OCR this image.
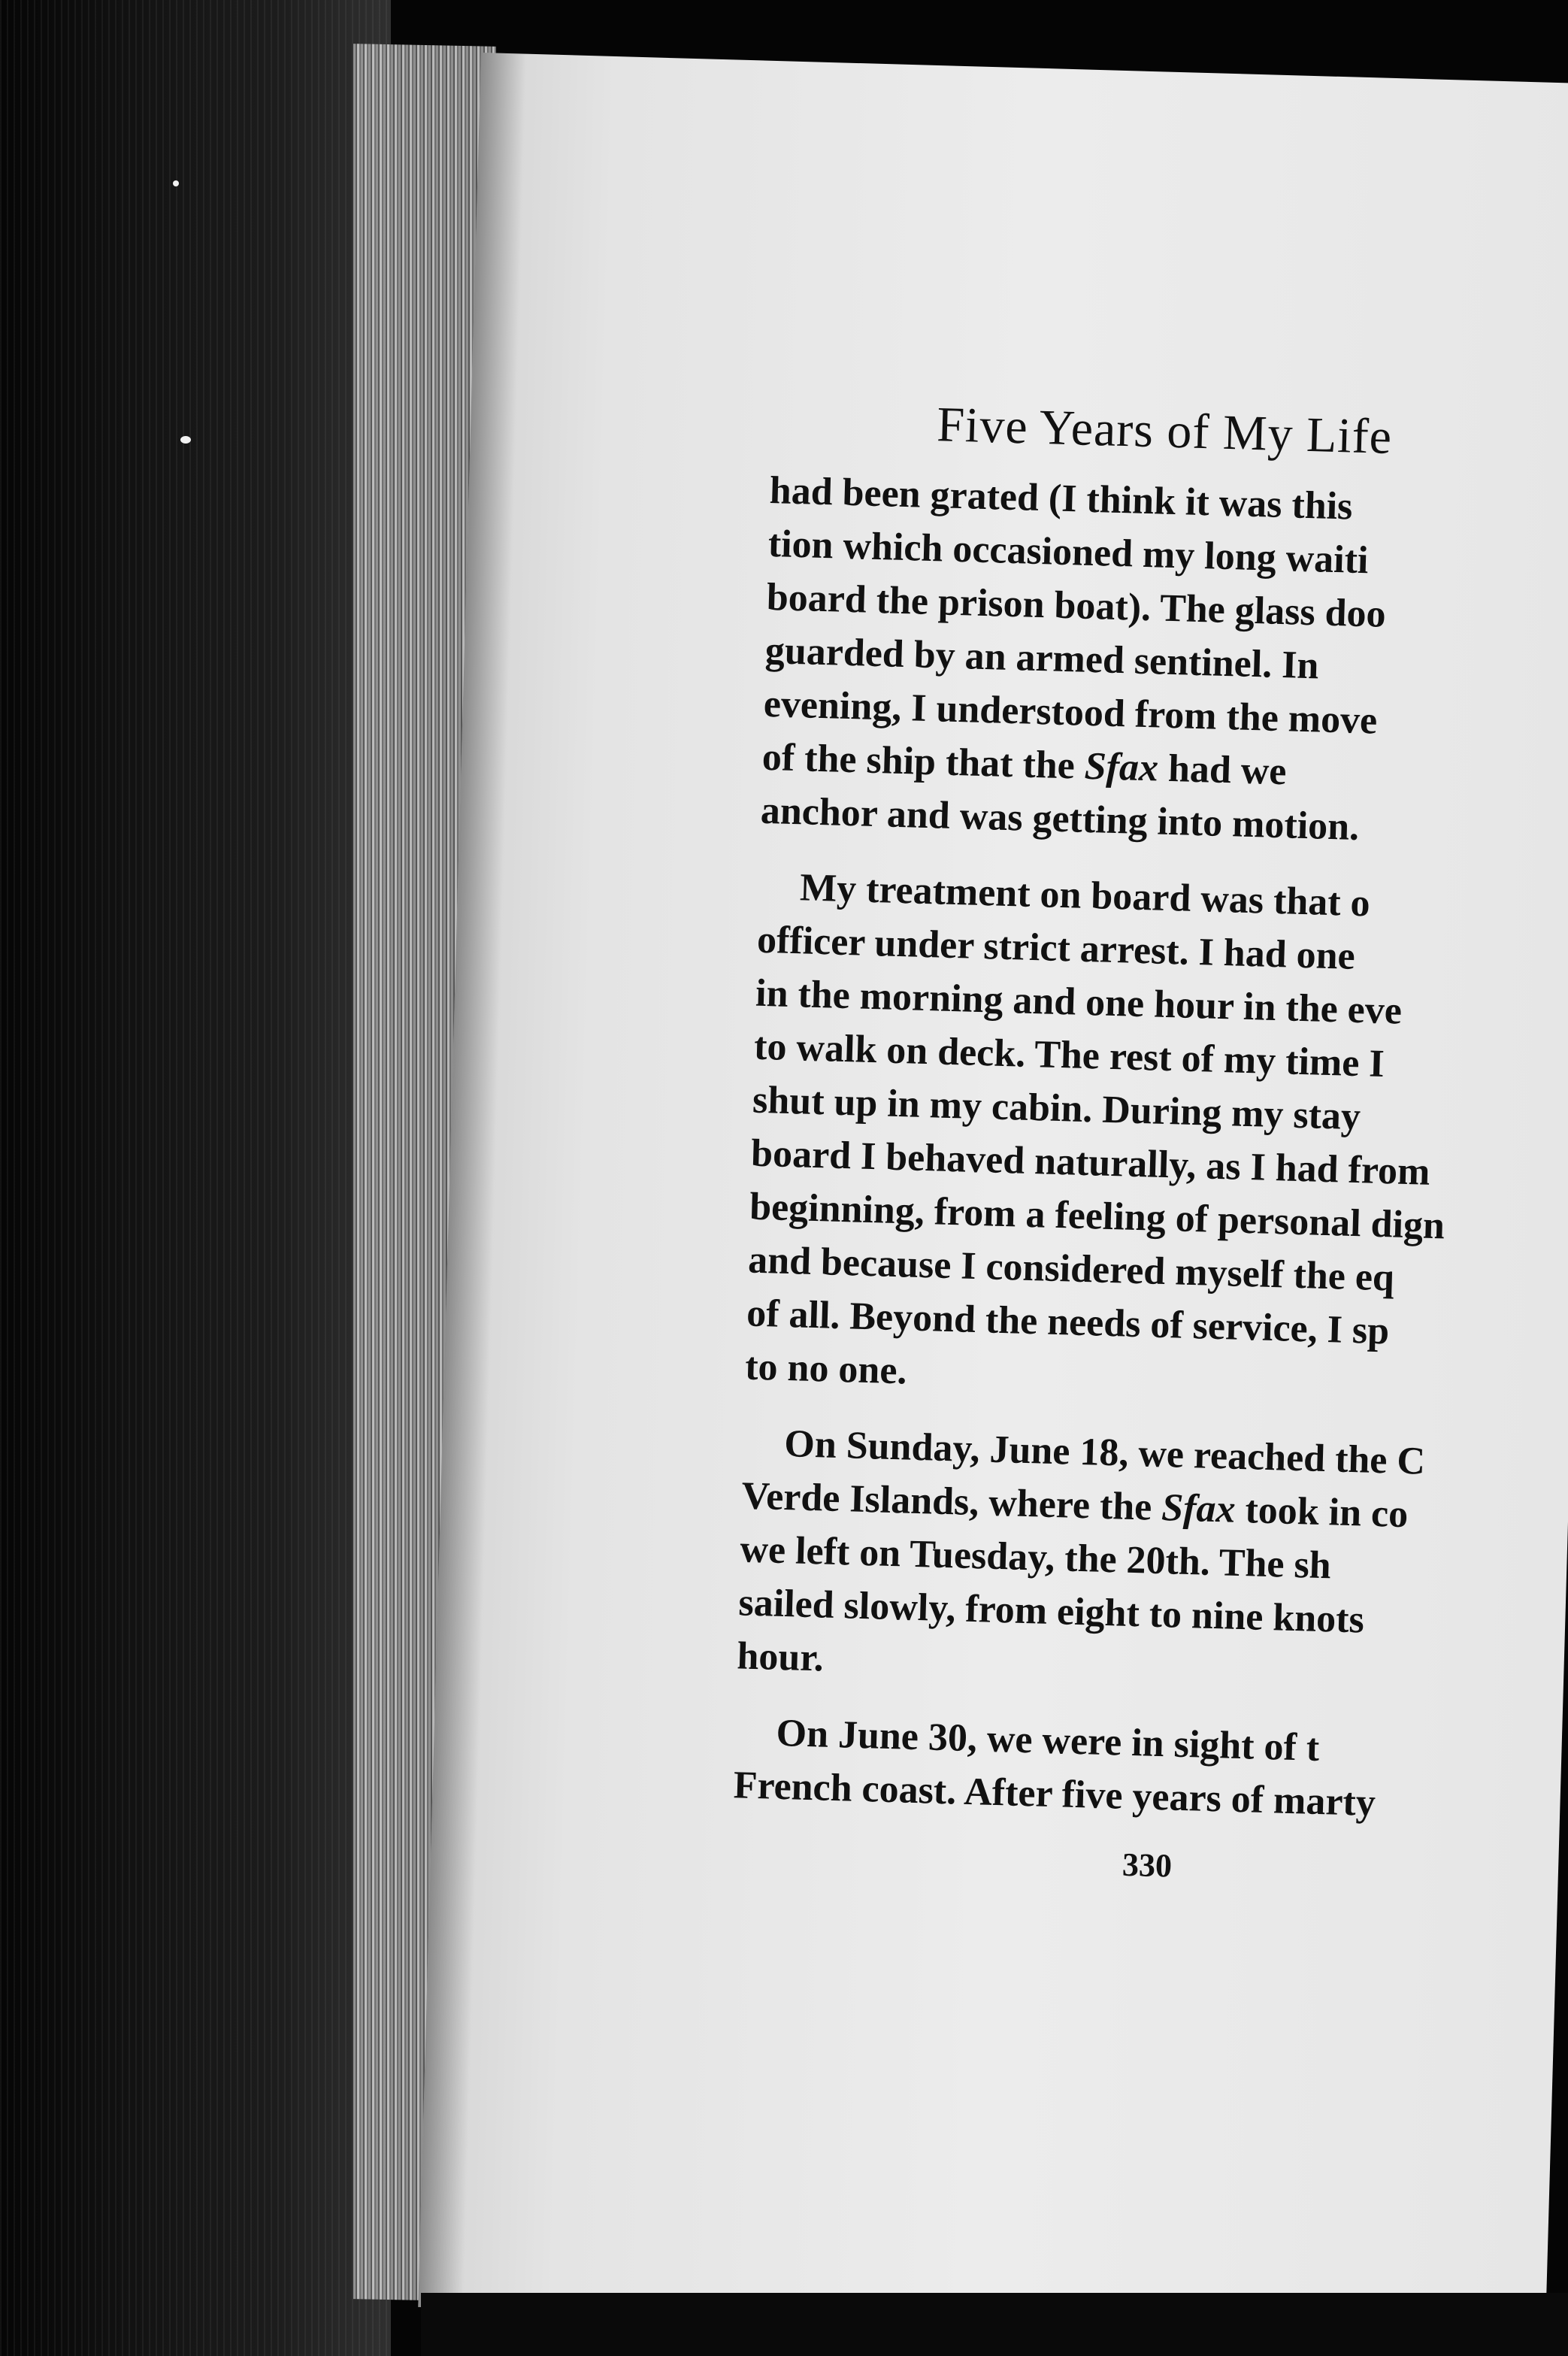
Five Years of My Life
had been grated (I think it was this
tion which occasioned my long waiti
board the prison boat). The glass doo
guarded by an armed sentinel. In
evening, I understood from the move
of the ship that the Sfax had we
anchor and was getting into motion.
My treatment on board was that o
officer under strict arrest. I had one
in the morning and one hour in the eve
to walk on deck. The rest of my time I
shut up in my cabin. During my stay
board I behaved naturally, as I had from
beginning, from a feeling of personal dign
and because I considered myself the eq
of all. Beyond the needs of service, I sp
to no one.
On Sunday, June 18, we reached the C
Verde Islands, where the Sfax took in co
we left on Tuesday, the 20th. The sh
sailed slowly, from eight to nine knots
hour.
On June 30, we were in sight of t
French coast. After five years of marty
330
